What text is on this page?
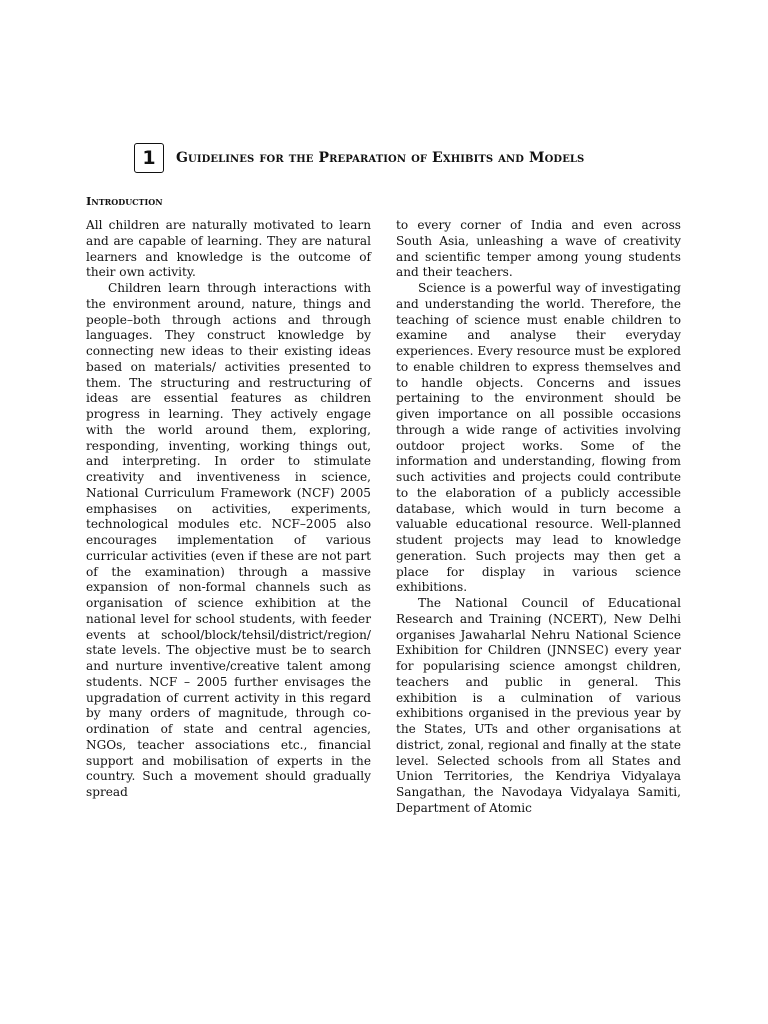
1	Guidelines for the Preparation of Exhibits and Models
Introduction

All children are naturally motivated to learn and are capable of learning. They are natural learners and knowledge is the outcome of their own activity.

Children learn through interactions with the environment around, nature, things and people–both through actions and through languages. They construct knowledge by connecting new ideas to their existing ideas based on materials/ activities presented to them. The structuring and restructuring of ideas are essential features as children progress in learning. They actively engage with the world around them, exploring, responding, inventing, working things out, and interpreting. In order to stimulate creativity and inventiveness in science, National Curriculum Framework (NCF) 2005 emphasises on activities, experiments, technological modules etc. NCF–2005 also encourages implementation of various curricular activities (even if these are not part of the examination) through a massive expansion of non-formal channels such as organisation of science exhibition at the national level for school students, with feeder events at school/block/tehsil/district/region/ state levels. The objective must be to search and nurture inventive/creative talent among students. NCF – 2005 further envisages the upgradation of current activity in this regard by many orders of magnitude, through co-ordination of state and central agencies, NGOs, teacher associations etc., financial support and mobilisation of experts in the country. Such a movement should gradually spread

to every corner of India and even across South Asia, unleashing a wave of creativity and scientific temper among young students and their teachers.

Science is a powerful way of investigating and understanding the world. Therefore, the teaching of science must enable children to examine and analyse their everyday experiences. Every resource must be explored to enable children to express themselves and to handle objects. Concerns and issues pertaining to the environment should be given importance on all possible occasions through a wide range of activities involving outdoor project works. Some of the information and understanding, flowing from such activities and projects could contribute to the elaboration of a publicly accessible database, which would in turn become a valuable educational resource. Well-planned student projects may lead to knowledge generation. Such projects may then get a place for display in various science exhibitions.

The National Council of Educational Research and Training (NCERT), New Delhi organises Jawaharlal Nehru National Science Exhibition for Children (JNNSEC) every year for popularising science amongst children, teachers and public in general. This exhibition is a culmination of various exhibitions organised in the previous year by the States, UTs and other organisations at district, zonal, regional and finally at the state level. Selected schools from all States and Union Territories, the Kendriya Vidyalaya Sangathan, the Navodaya Vidyalaya Samiti, Department of Atomic
